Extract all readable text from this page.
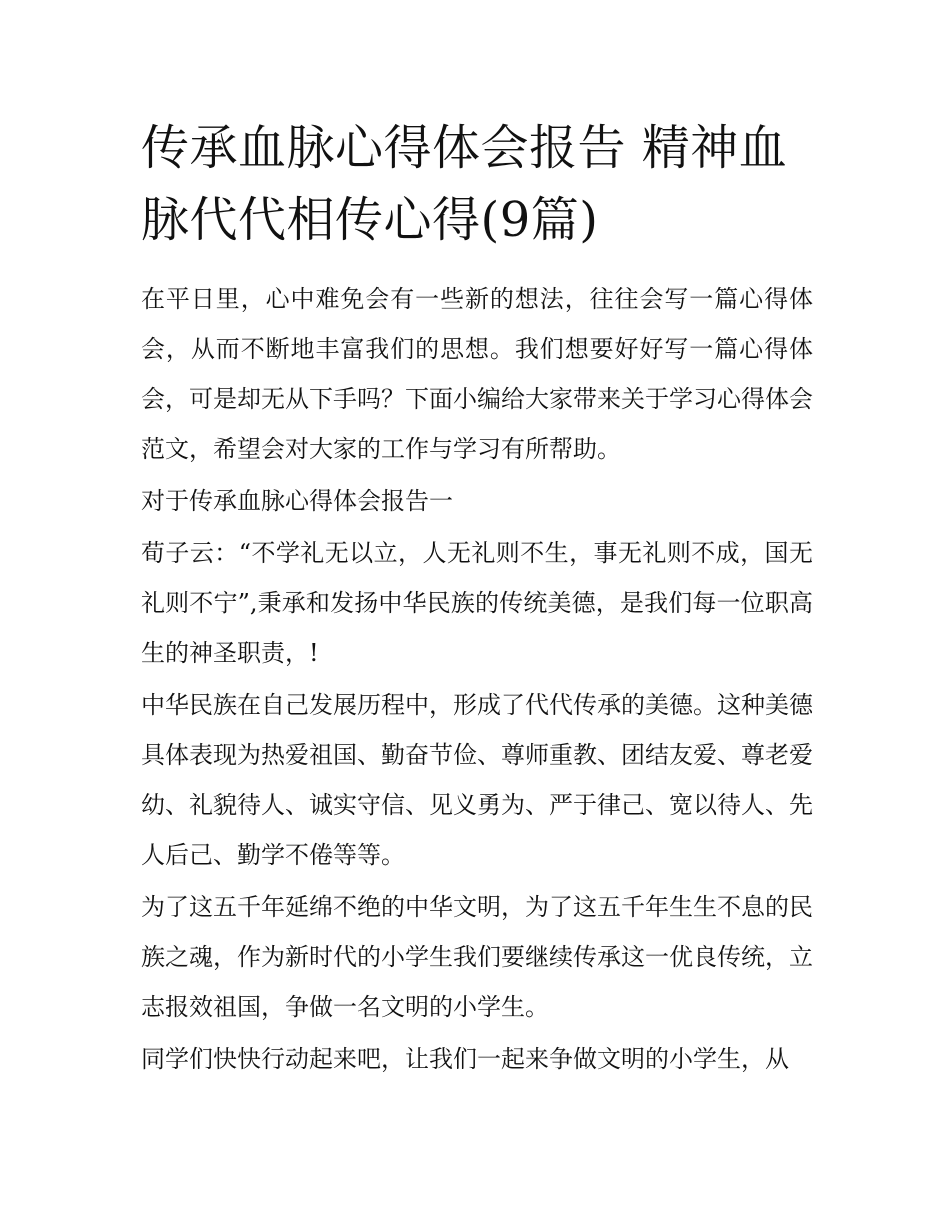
传承血脉心得体会报告 精神血脉代代相传心得(9篇)

在平日里，心中难免会有一些新的想法，往往会写一篇心得体会，从而不断地丰富我们的思想。我们想要好好写一篇心得体会，可是却无从下手吗？下面小编给大家带来关于学习心得体会范文，希望会对大家的工作与学习有所帮助。

对于传承血脉心得体会报告一

荀子云：“不学礼无以立，人无礼则不生，事无礼则不成，国无礼则不宁”,秉承和发扬中华民族的传统美德，是我们每一位职高生的神圣职责，!

中华民族在自己发展历程中，形成了代代传承的美德。这种美德具体表现为热爱祖国、勤奋节俭、尊师重教、团结友爱、尊老爱幼、礼貌待人、诚实守信、见义勇为、严于律己、宽以待人、先人后己、勤学不倦等等。

为了这五千年延绵不绝的中华文明，为了这五千年生生不息的民族之魂，作为新时代的小学生我们要继续传承这一优良传统，立志报效祖国，争做一名文明的小学生。

同学们快快行动起来吧，让我们一起来争做文明的小学生，从
